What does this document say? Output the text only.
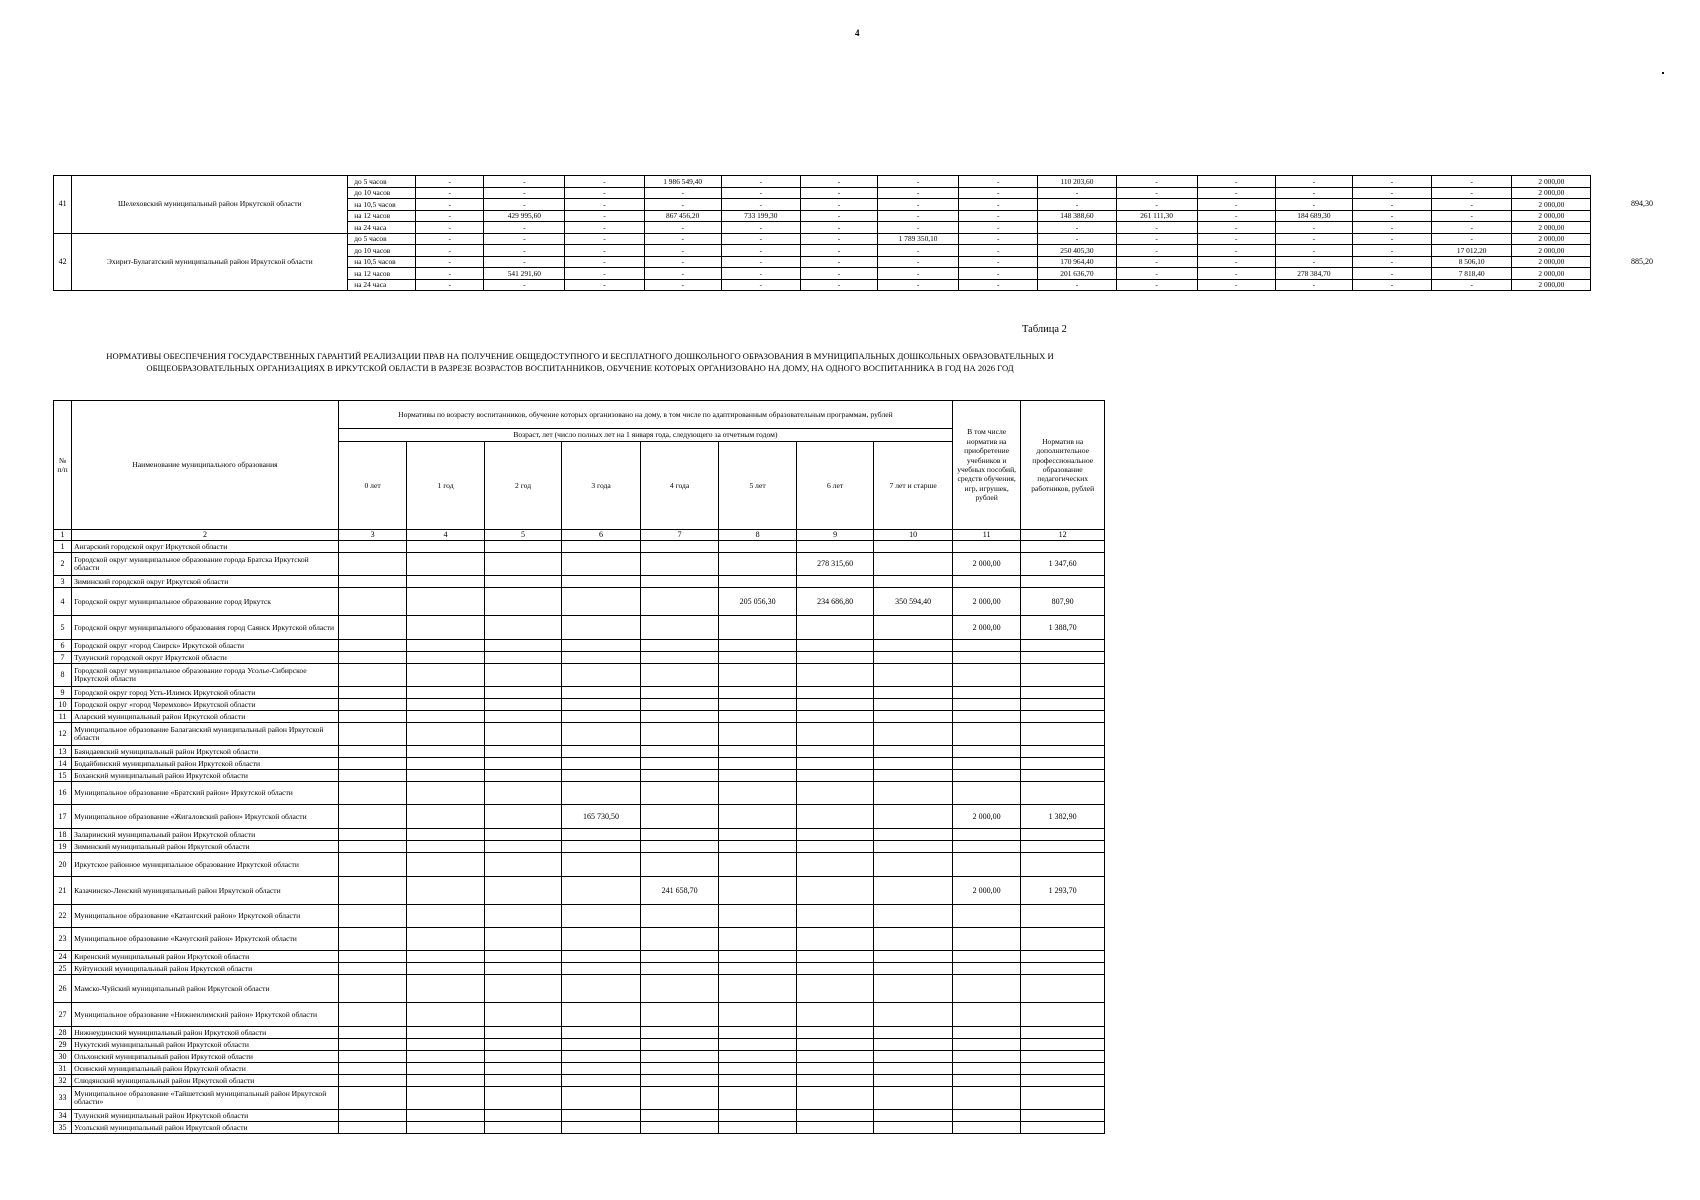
4
41	Шелеховский муниципальный район Иркутской области	до 5 часов	-	-	-	1 986 549,40	-	-	-	-	110 203,60	-	-	-	-	-	2 000,00	894,30
		до 10 часов	-	-	-	-	-	-	-	-	-	-	-	-	-	-	2 000,00	
		на 10,5 часов	-	-	-	-	-	-	-	-	-	-	-	-	-	-	2 000,00	
		на 12 часов	-	429 995,60	-	867 456,20	733 199,30	-	-	-	148 388,60	261 111,30	-	184 689,30	-	-	2 000,00	
		на 24 часа	-	-	-	-	-	-	-	-	-	-	-	-	-	-	2 000,00	
42	Эхирит-Булагатский муниципальный район Иркутской области	до 5 часов	-	-	-	-	-	-	1 789 350,10	-	-	-	-	-	-	-	2 000,00	885,20
		до 10 часов	-	-	-	-	-	-	-	-	250 405,30	-	-	-	-	17 012,20	2 000,00	
		на 10,5 часов	-	-	-	-	-	-	-	-	170 964,40	-	-	-	-	8 506,10	2 000,00	
		на 12 часов	-	541 291,60	-	-	-	-	-	-	201 636,70	-	-	278 384,70	-	7 818,40	2 000,00	
		на 24 часа	-	-	-	-	-	-	-	-	-	-	-	-	-	-	2 000,00	
Таблица 2
НОРМАТИВЫ ОБЕСПЕЧЕНИЯ ГОСУДАРСТВЕННЫХ ГАРАНТИЙ РЕАЛИЗАЦИИ ПРАВ НА ПОЛУЧЕНИЕ ОБЩЕДОСТУПНОГО И БЕСПЛАТНОГО ДОШКОЛЬНОГО ОБРАЗОВАНИЯ В МУНИЦИПАЛЬНЫХ ДОШКОЛЬНЫХ ОБРАЗОВАТЕЛЬНЫХ И ОБЩЕОБРАЗОВАТЕЛЬНЫХ ОРГАНИЗАЦИЯХ В ИРКУТСКОЙ ОБЛАСТИ В РАЗРЕЗЕ ВОЗРАСТОВ ВОСПИТАННИКОВ, ОБУЧЕНИЕ КОТОРЫХ ОРГАНИЗОВАНО НА ДОМУ, НА ОДНОГО ВОСПИТАННИКА В ГОД НА 2026 ГОД
№ п/п	Наименование муниципального образования	Нормативы по возрасту воспитанников, обучение которых организовано на дому, в том числе по адаптированным образовательным программам, рублей								В том числе норматив на приобретение учебников и учебных пособий, средств обучения, игр, игрушек, рублей	Норматив на дополнительное профессиональное образование педагогических работников, рублей
		Возраст, лет (число полных лет на 1 января года, следующего за отчетным годом)									
		0 лет	1 год	2 год	3 года	4 года	5 лет	6 лет	7 лет и старше		
1	2	3	4	5	6	7	8	9	10	11	12
1	Ангарский городской округ Иркутской области										
2	Городской округ муниципальное образование города Братска Иркутской области							278 315,60		2 000,00	1 347,60
3	Зиминский городской округ Иркутской области										
4	Городской округ муниципальное образование город Иркутск						205 056,30	234 686,80	350 594,40	2 000,00	807,90
5	Городской округ муниципального образования город Саянск Иркутской области									2 000,00	1 388,70
6	Городской округ «город Свирск» Иркутской области										
7	Тулунский городской округ Иркутской области										
8	Городской округ муниципальное образование города Усолье-Сибирское Иркутской области										
9	Городской округ город Усть-Илимск Иркутской области										
10	Городской округ «город Черемхово» Иркутской области										
11	Аларский муниципальный район Иркутской области										
12	Муниципальное образование Балаганский муниципальный район Иркутской области										
13	Баяндаевский муниципальный район Иркутской области										
14	Бодайбинский муниципальный район Иркутской области										
15	Боханский муниципальный район Иркутской области										
16	Муниципальное образование «Братский район» Иркутской области										
17	Муниципальное образование «Жигаловский район» Иркутской области				165 730,50					2 000,00	1 382,90
18	Заларинский муниципальный район Иркутской области										
19	Зиминский муниципальный район Иркутской области										
20	Иркутское районное муниципальное образование Иркутской области										
21	Казачинско-Ленский муниципальный район Иркутской области					241 658,70				2 000,00	1 293,70
22	Муниципальное образование «Катангский район» Иркутской области										
23	Муниципальное образование «Качугский район» Иркутской области										
24	Киренский муниципальный район Иркутской области										
25	Куйтунский муниципальный район Иркутской области										
26	Мамско-Чуйский муниципальный район Иркутской области										
27	Муниципальное образование «Нижнеилимский район» Иркутской области										
28	Нижнеудинский муниципальный район Иркутской области										
29	Нукутский муниципальный район Иркутской области										
30	Ольхонский муниципальный район Иркутской области										
31	Осинский муниципальный район Иркутской области										
32	Слюдянский муниципальный район Иркутской области										
33	Муниципальное образование «Тайшетский муниципальный район Иркутской области»										
34	Тулунский муниципальный район Иркутской области										
35	Усольский муниципальный район Иркутской области										
